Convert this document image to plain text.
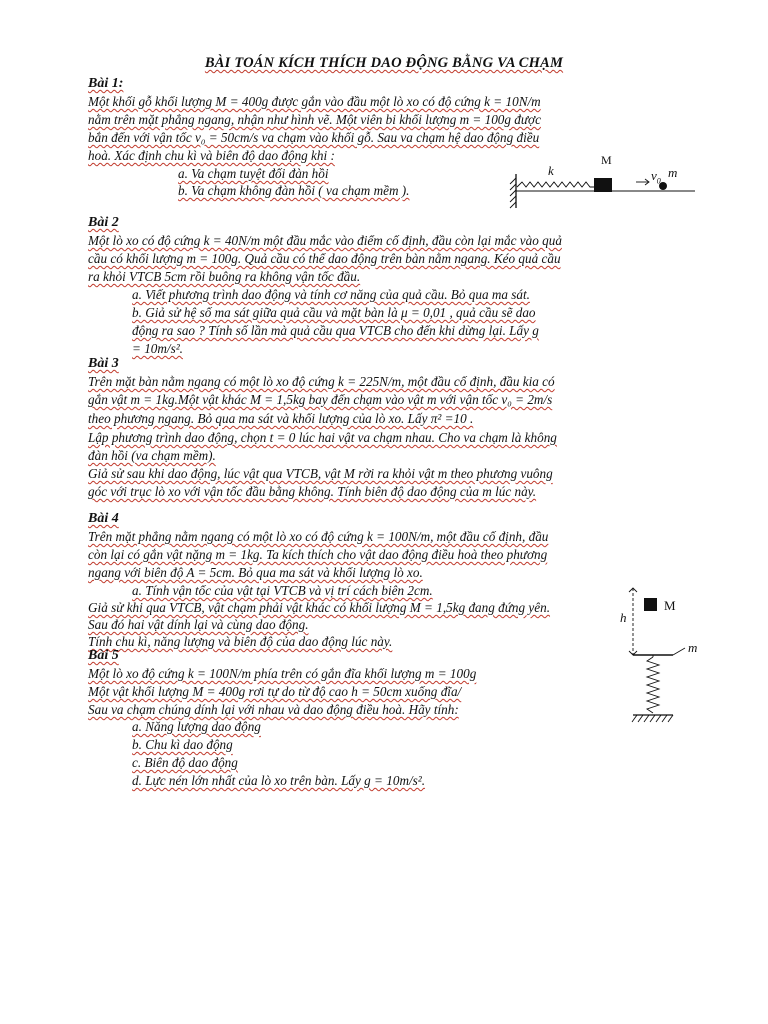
BÀI TOÁN KÍCH THÍCH DAO ĐỘNG BẰNG VA CHẠM
Bài 1:
Một khối gỗ khối lượng M = 400g được gắn vào đầu một lò xo có độ cứng k = 10N/m
nằm trên mặt phẳng ngang, nhận như hình vẽ. Một viên bi khối lượng m = 100g được
bắn đến với vận tốc v₀ = 50cm/s va chạm vào khối gỗ. Sau va chạm hệ dao động điều
hoà. Xác định chu kì và biên độ dao động khi :
a. Va chạm tuyệt đối đàn hồi
b. Va chạm không đàn hồi ( va chạm mềm ).
k
M
$v_0$
m
Bài 2
Một lò xo có độ cứng k = 40N/m một đầu mắc vào điểm cố định, đầu còn lại mắc vào quả
cầu có khối lượng m = 100g. Quả cầu có thể dao động trên bàn nằm ngang. Kéo quả cầu
ra khỏi VTCB 5cm rồi buông ra không vận tốc đầu.
a. Viết phương trình dao động và tính cơ năng của quả cầu. Bỏ qua ma sát.
b. Giả sử hệ số ma sát giữa quả cầu và mặt bàn là μ = 0,01 , quả cầu sẽ dao
động ra sao ? Tính số lần mà quả cầu qua VTCB cho đến khi dừng lại. Lấy g
= 10m/s².
Bài 3
Trên mặt bàn nằm ngang có một lò xo độ cứng k = 225N/m, một đầu cố định, đầu kia có
gắn vật m = 1kg.Một vật khác M = 1,5kg bay đến chạm vào vật m với vận tốc v₀ = 2m/s
theo phương ngang. Bỏ qua ma sát và khối lượng của lò xo. Lấy π² =10 .
Lập phương trình dao động, chọn t = 0 lúc hai vật va chạm nhau. Cho va chạm là không
đàn hồi (va chạm mềm).
Giả sử sau khi dao động, lúc vật qua VTCB, vật M rời ra khỏi vật m theo phương vuông
góc với trục lò xo với vận tốc đầu bằng không. Tính biên độ dao động của m lúc này.
Bài 4
Trên mặt phẳng nằm ngang có một lò xo có độ cứng k = 100N/m, một đầu cố định, đầu
còn lại có gắn vật nặng m = 1kg. Ta kích thích cho vật dao động điều hoà theo phương
ngang với biên độ A = 5cm. Bỏ qua ma sát và khối lượng lò xo.
a. Tính vận tốc của vật tại VTCB và vị trí cách biên 2cm.
Giả sử khi qua VTCB, vật chạm phải vật khác có khối lượng M = 1,5kg đang đứng yên.
Sau đó hai vật dính lại và cùng dao động.
Tính chu kì, năng lượng và biên độ của dao động lúc này.
Bài 5
Một lò xo độ cứng k = 100N/m phía trên có gắn đĩa khối lượng m = 100g
Một vật khối lượng M = 400g rơi tự do từ độ cao h = 50cm xuống đĩa/
Sau va chạm chúng dính lại với nhau và dao động điều hoà. Hãy tính:
a. Năng lượng dao động
b. Chu kì dao động
c. Biên độ dao động
d. Lực nén lớn nhất của lò xo trên bàn. Lấy g = 10m/s².
h
M
m
